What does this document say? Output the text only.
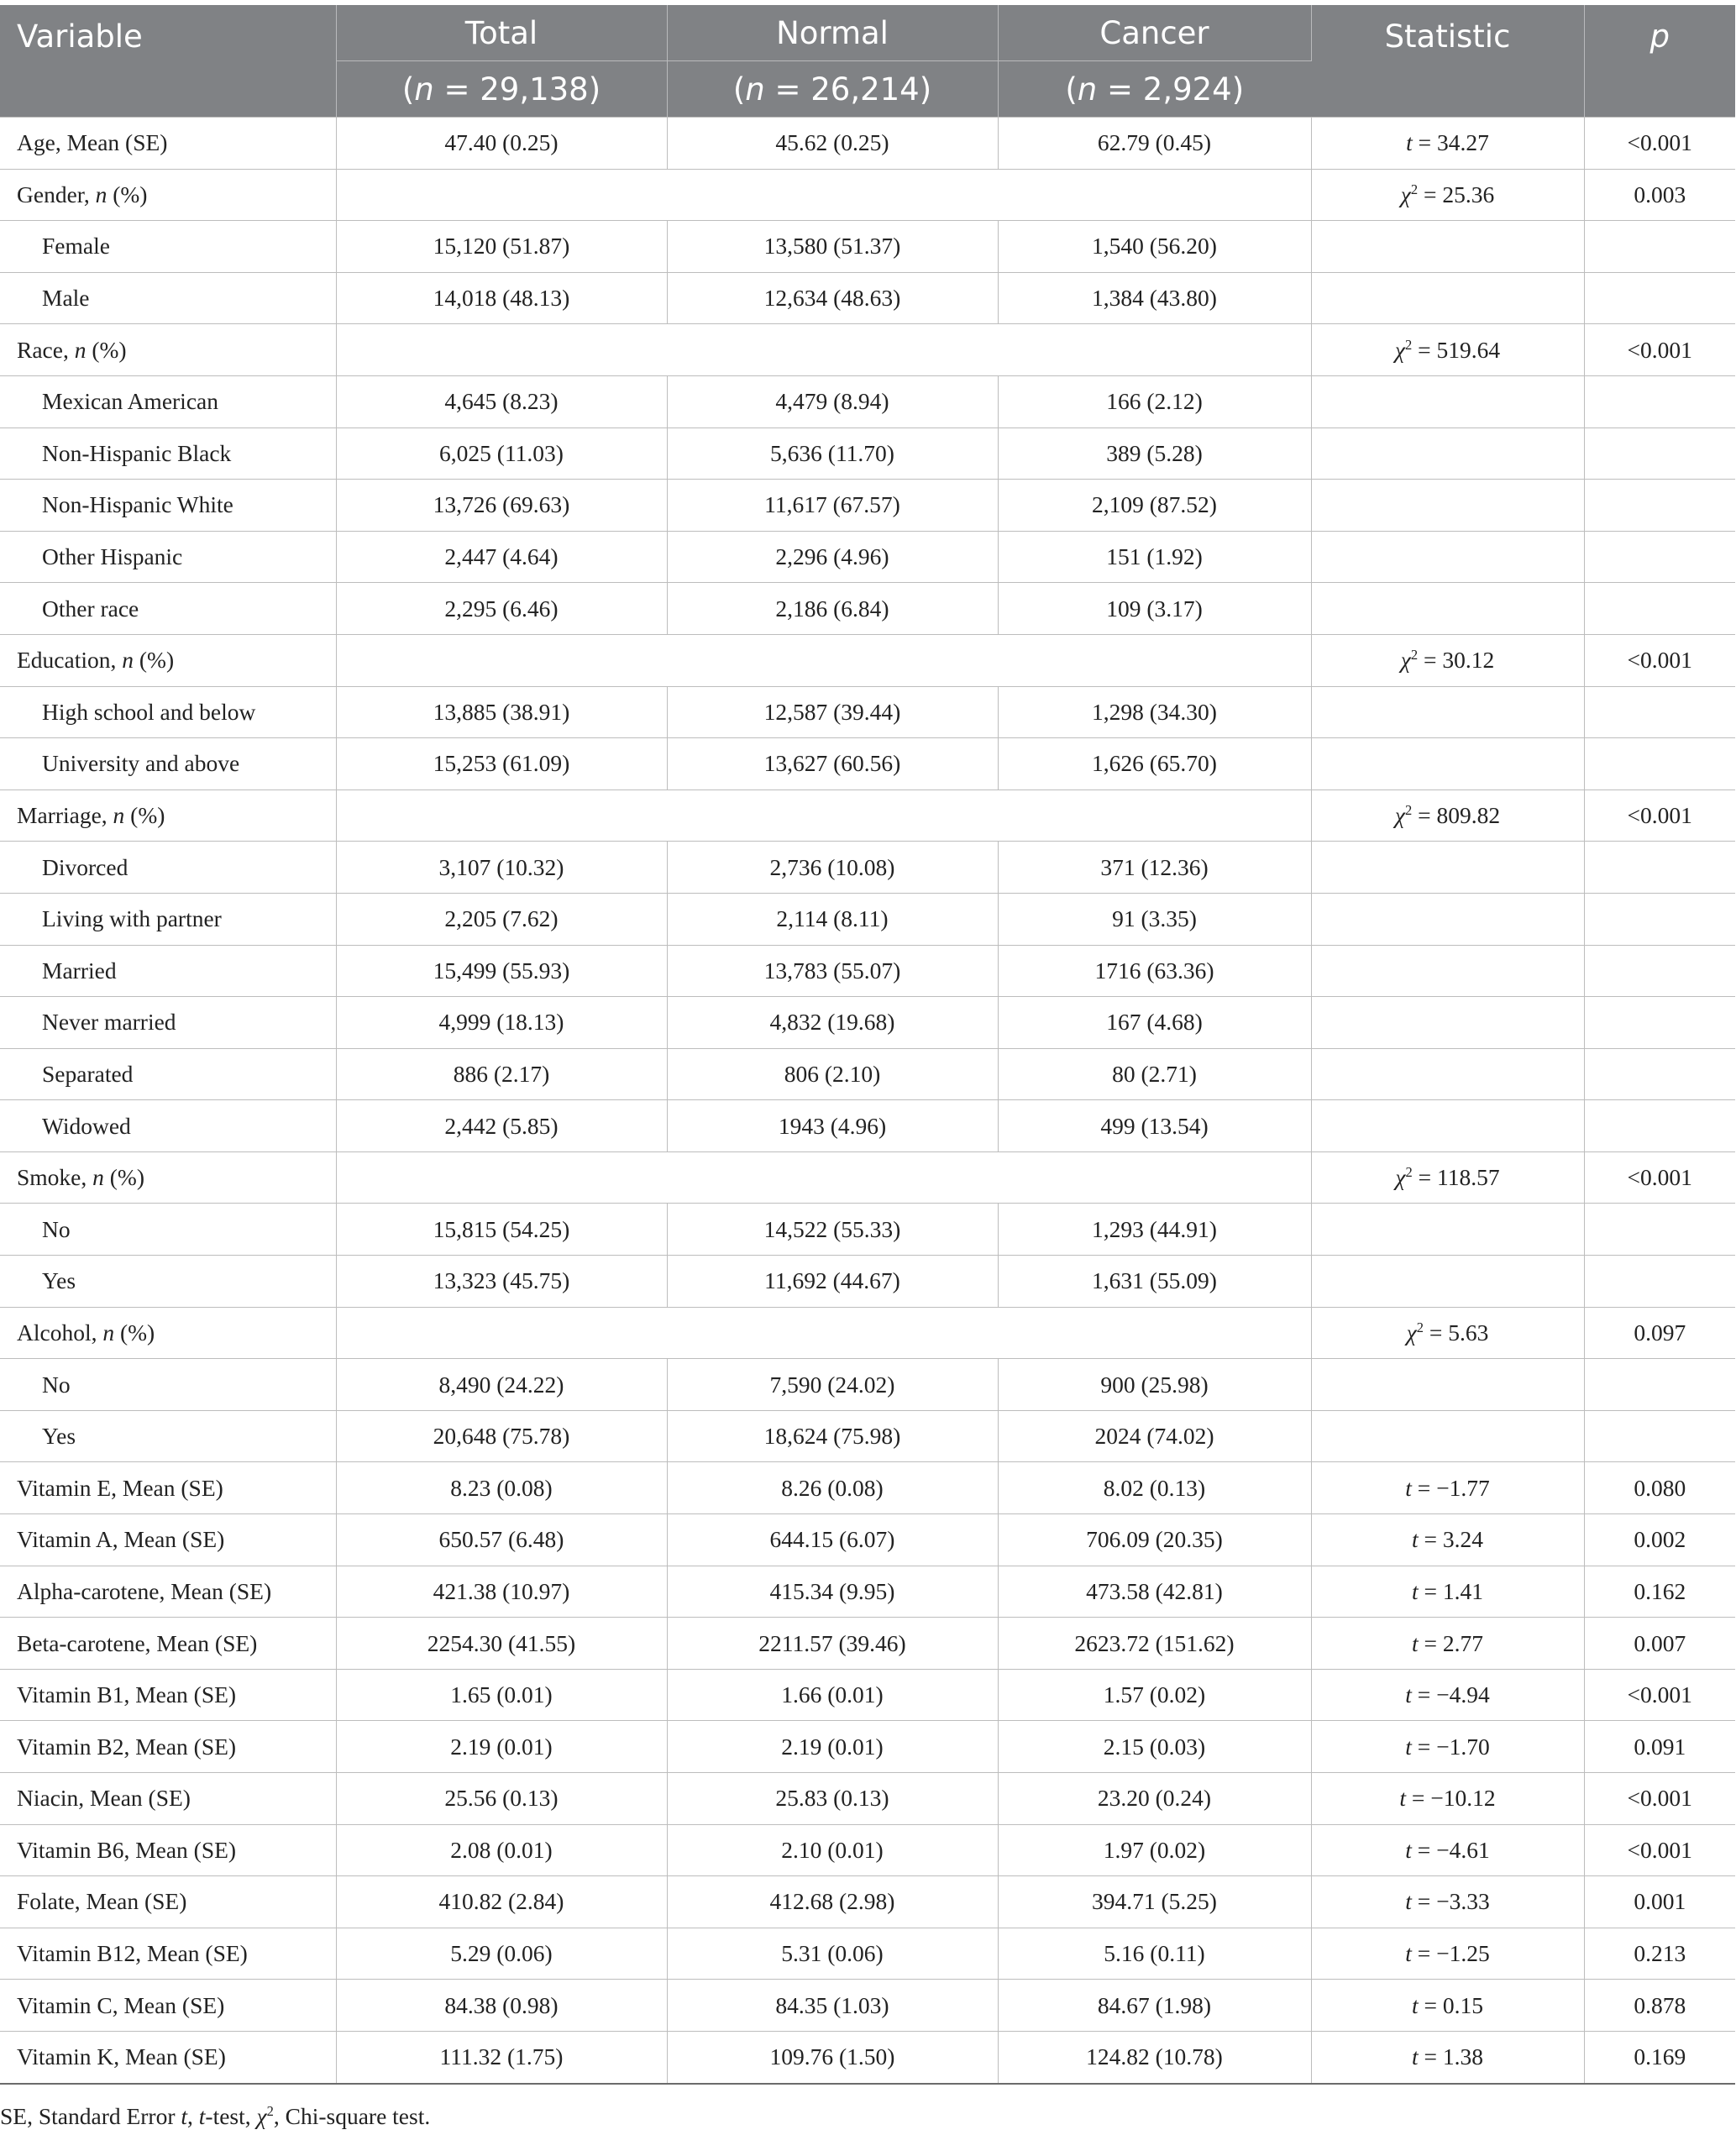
Variable	Total	Normal	Cancer	Statistic	p
	(n = 29,138)	(n = 26,214)	(n = 2,924)		
Age, Mean (SE)	47.40 (0.25)	45.62 (0.25)	62.79 (0.45)	t = 34.27	<0.001
Gender, n (%)				$\chi^2 = 25.36$	0.003
Female	15,120 (51.87)	13,580 (51.37)	1,540 (56.20)		
Male	14,018 (48.13)	12,634 (48.63)	1,384 (43.80)		
Race, n (%)				$\chi^2 = 519.64$	<0.001
Mexican American	4,645 (8.23)	4,479 (8.94)	166 (2.12)		
Non-Hispanic Black	6,025 (11.03)	5,636 (11.70)	389 (5.28)		
Non-Hispanic White	13,726 (69.63)	11,617 (67.57)	2,109 (87.52)		
Other Hispanic	2,447 (4.64)	2,296 (4.96)	151 (1.92)		
Other race	2,295 (6.46)	2,186 (6.84)	109 (3.17)		
Education, n (%)				$\chi^2 = 30.12$	<0.001
High school and below	13,885 (38.91)	12,587 (39.44)	1,298 (34.30)		
University and above	15,253 (61.09)	13,627 (60.56)	1,626 (65.70)		
Marriage, n (%)				$\chi^2 = 809.82$	<0.001
Divorced	3,107 (10.32)	2,736 (10.08)	371 (12.36)		
Living with partner	2,205 (7.62)	2,114 (8.11)	91 (3.35)		
Married	15,499 (55.93)	13,783 (55.07)	1716 (63.36)		
Never married	4,999 (18.13)	4,832 (19.68)	167 (4.68)		
Separated	886 (2.17)	806 (2.10)	80 (2.71)		
Widowed	2,442 (5.85)	1943 (4.96)	499 (13.54)		
Smoke, n (%)				$\chi^2 = 118.57$	<0.001
No	15,815 (54.25)	14,522 (55.33)	1,293 (44.91)		
Yes	13,323 (45.75)	11,692 (44.67)	1,631 (55.09)		
Alcohol, n (%)				$\chi^2 = 5.63$	0.097
No	8,490 (24.22)	7,590 (24.02)	900 (25.98)		
Yes	20,648 (75.78)	18,624 (75.98)	2024 (74.02)		
Vitamin E, Mean (SE)	8.23 (0.08)	8.26 (0.08)	8.02 (0.13)	t = −1.77	0.080
Vitamin A, Mean (SE)	650.57 (6.48)	644.15 (6.07)	706.09 (20.35)	t = 3.24	0.002
Alpha-carotene, Mean (SE)	421.38 (10.97)	415.34 (9.95)	473.58 (42.81)	t = 1.41	0.162
Beta-carotene, Mean (SE)	2254.30 (41.55)	2211.57 (39.46)	2623.72 (151.62)	t = 2.77	0.007
Vitamin B1, Mean (SE)	1.65 (0.01)	1.66 (0.01)	1.57 (0.02)	t = −4.94	<0.001
Vitamin B2, Mean (SE)	2.19 (0.01)	2.19 (0.01)	2.15 (0.03)	t = −1.70	0.091
Niacin, Mean (SE)	25.56 (0.13)	25.83 (0.13)	23.20 (0.24)	t = −10.12	<0.001
Vitamin B6, Mean (SE)	2.08 (0.01)	2.10 (0.01)	1.97 (0.02)	t = −4.61	<0.001
Folate, Mean (SE)	410.82 (2.84)	412.68 (2.98)	394.71 (5.25)	t = −3.33	0.001
Vitamin B12, Mean (SE)	5.29 (0.06)	5.31 (0.06)	5.16 (0.11)	t = −1.25	0.213
Vitamin C, Mean (SE)	84.38 (0.98)	84.35 (1.03)	84.67 (1.98)	t = 0.15	0.878
Vitamin K, Mean (SE)	111.32 (1.75)	109.76 (1.50)	124.82 (10.78)	t = 1.38	0.169
SE, Standard Error t, t-test, $\chi^2$, Chi-square test.
